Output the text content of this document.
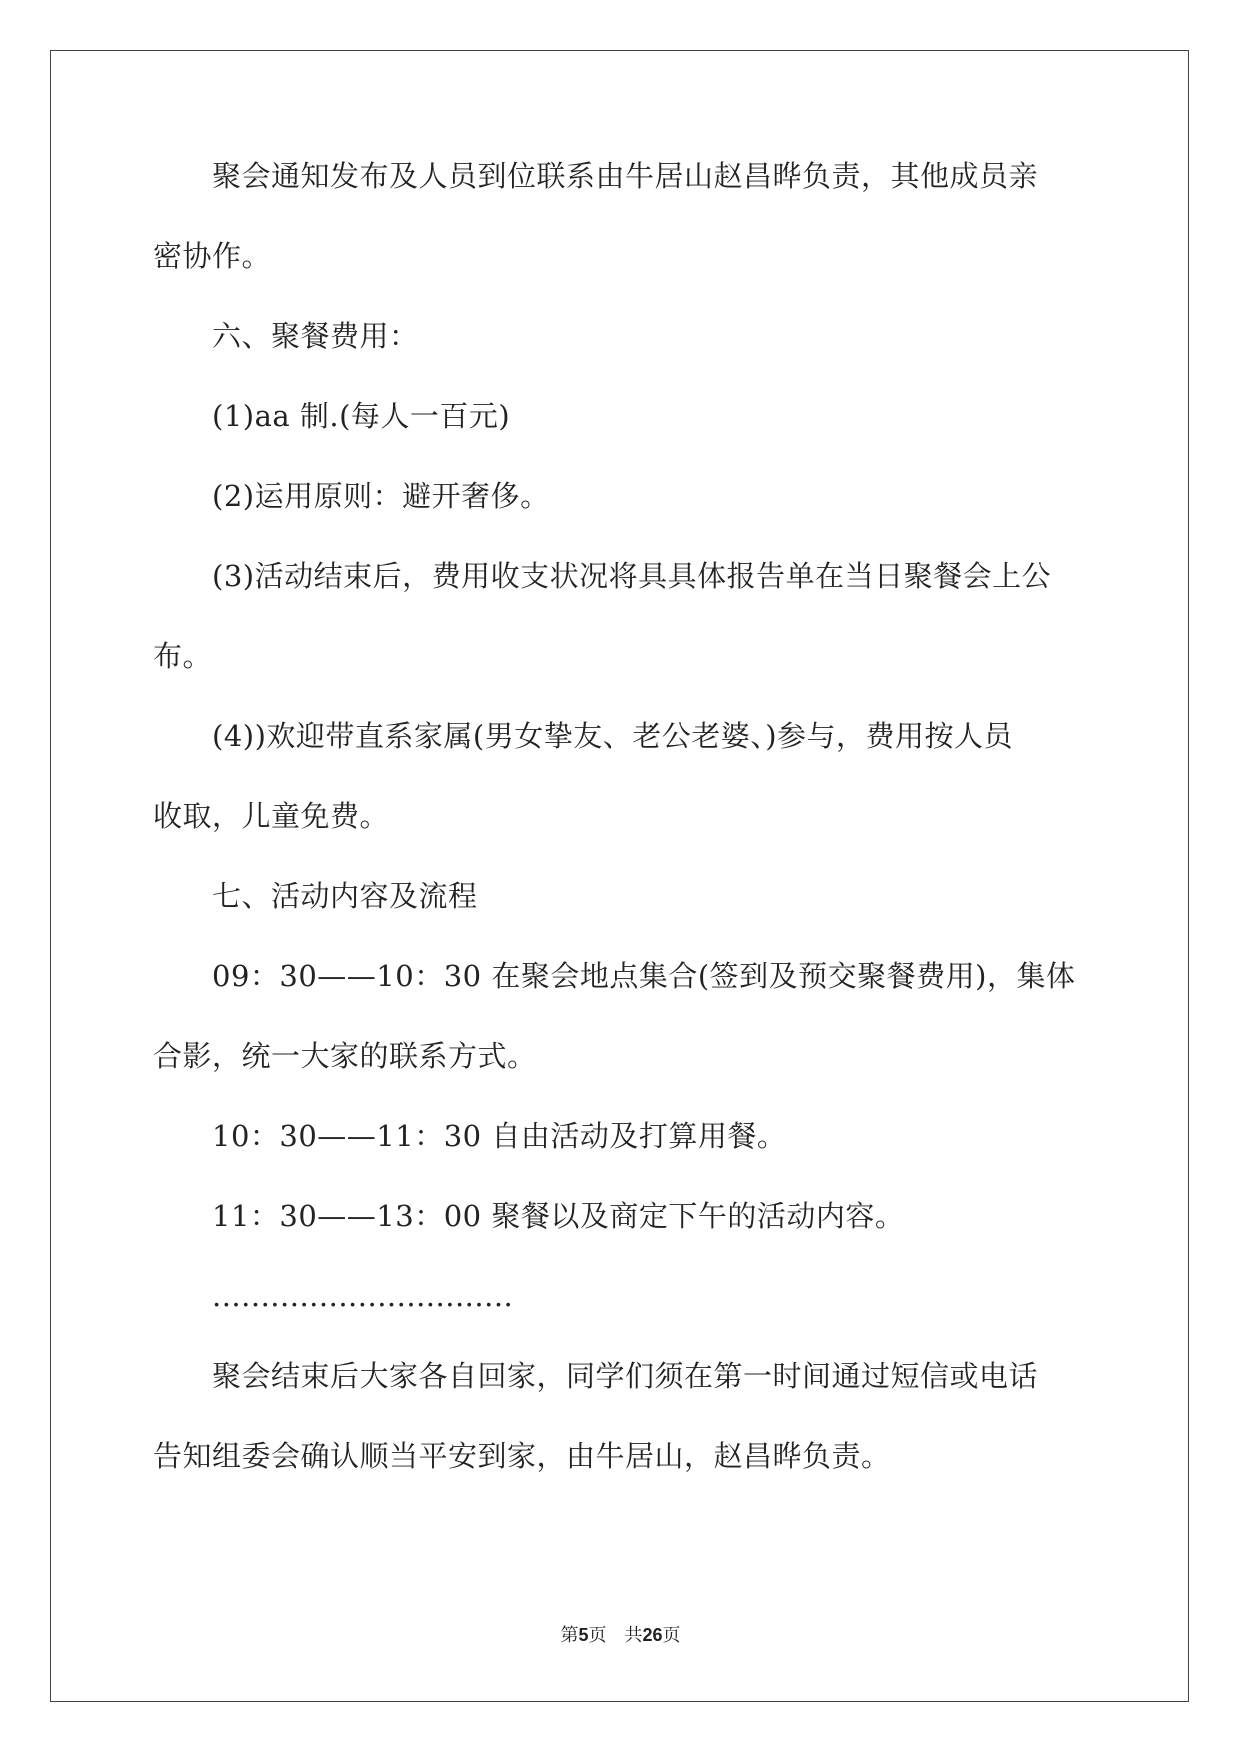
　　聚会通知发布及人员到位联系由牛居山赵昌晔负责，其他成员亲
密协作。
　　六、聚餐费用：
　　(1)aa 制.(每人一百元)
　　(2)运用原则：避开奢侈。
　　(3)活动结束后，费用收支状况将具具体报告单在当日聚餐会上公
布。
　　(4))欢迎带直系家属(男女挚友、老公老婆、)参与，费用按人员
收取，儿童免费。
　　七、活动内容及流程
　　09：30——10：30 在聚会地点集合(签到及预交聚餐费用)，集体
合影，统一大家的联系方式。
　　10：30——11：30 自由活动及打算用餐。
　　11：30——13：00 聚餐以及商定下午的活动内容。
　　...............................
　　聚会结束后大家各自回家，同学们须在第一时间通过短信或电话
告知组委会确认顺当平安到家，由牛居山，赵昌晔负责。
第5页　共26页
